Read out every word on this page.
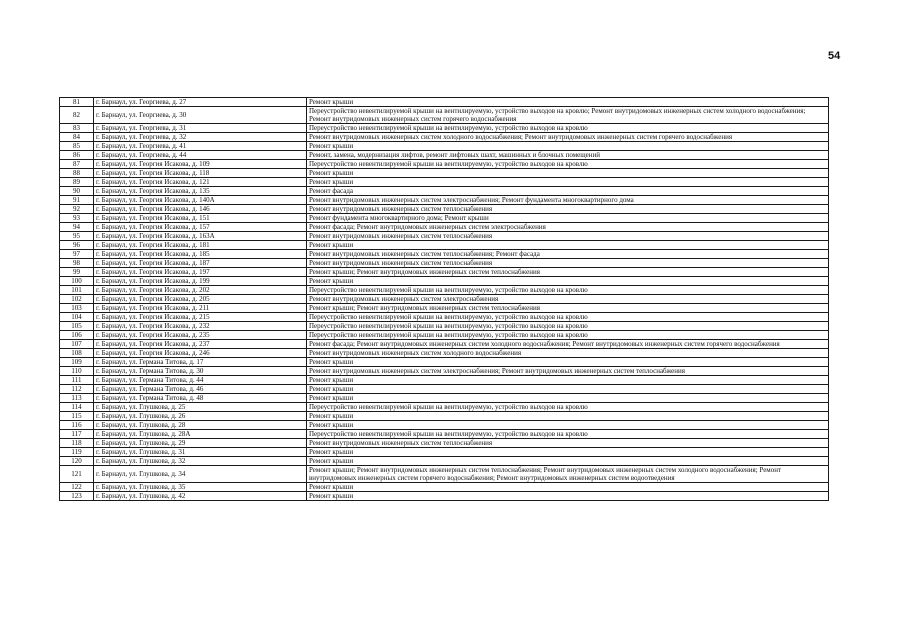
54
81	г. Барнаул, ул. Георгиева, д. 27	Ремонт крыши
82	г. Барнаул, ул. Георгиева, д. 30	Переустройство невентилируемой крыши на вентилируемую, устройство выходов на кровлю; Ремонт внутридомовых инженерных систем холодного водоснабжения; Ремонт внутридомовых инженерных систем горячего водоснабжения
83	г. Барнаул, ул. Георгиева, д. 31	Переустройство невентилируемой крыши на вентилируемую, устройство выходов на кровлю
84	г. Барнаул, ул. Георгиева, д. 32	Ремонт внутридомовых инженерных систем холодного водоснабжения; Ремонт внутридомовых инженерных систем горячего водоснабжения
85	г. Барнаул, ул. Георгиева, д. 41	Ремонт крыши
86	г. Барнаул, ул. Георгиева, д. 44	Ремонт, замена, модернизация лифтов, ремонт лифтовых шахт, машинных и блочных помещений
87	г. Барнаул, ул. Георгия Исакова, д. 109	Переустройство невентилируемой крыши на вентилируемую, устройство выходов на кровлю
88	г. Барнаул, ул. Георгия Исакова, д. 118	Ремонт крыши
89	г. Барнаул, ул. Георгия Исакова, д. 121	Ремонт крыши
90	г. Барнаул, ул. Георгия Исакова, д. 135	Ремонт фасада
91	г. Барнаул, ул. Георгия Исакова, д. 140А	Ремонт внутридомовых инженерных систем электроснабжения; Ремонт фундамента многоквартирного дома
92	г. Барнаул, ул. Георгия Исакова, д. 146	Ремонт внутридомовых инженерных систем теплоснабжения
93	г. Барнаул, ул. Георгия Исакова, д. 151	Ремонт фундамента многоквартирного дома; Ремонт крыши
94	г. Барнаул, ул. Георгия Исакова, д. 157	Ремонт фасада; Ремонт внутридомовых инженерных систем электроснабжения
95	г. Барнаул, ул. Георгия Исакова, д. 163А	Ремонт внутридомовых инженерных систем теплоснабжения
96	г. Барнаул, ул. Георгия Исакова, д. 181	Ремонт крыши
97	г. Барнаул, ул. Георгия Исакова, д. 185	Ремонт внутридомовых инженерных систем теплоснабжения; Ремонт фасада
98	г. Барнаул, ул. Георгия Исакова, д. 187	Ремонт внутридомовых инженерных систем теплоснабжения
99	г. Барнаул, ул. Георгия Исакова, д. 197	Ремонт крыши; Ремонт внутридомовых инженерных систем теплоснабжения
100	г. Барнаул, ул. Георгия Исакова, д. 199	Ремонт крыши
101	г. Барнаул, ул. Георгия Исакова, д. 202	Переустройство невентилируемой крыши на вентилируемую, устройство выходов на кровлю
102	г. Барнаул, ул. Георгия Исакова, д. 205	Ремонт внутридомовых инженерных систем электроснабжения
103	г. Барнаул, ул. Георгия Исакова, д. 211	Ремонт крыши; Ремонт внутридомовых инженерных систем теплоснабжения
104	г. Барнаул, ул. Георгия Исакова, д. 215	Переустройство невентилируемой крыши на вентилируемую, устройство выходов на кровлю
105	г. Барнаул, ул. Георгия Исакова, д. 232	Переустройство невентилируемой крыши на вентилируемую, устройство выходов на кровлю
106	г. Барнаул, ул. Георгия Исакова, д. 235	Переустройство невентилируемой крыши на вентилируемую, устройство выходов на кровлю
107	г. Барнаул, ул. Георгия Исакова, д. 237	Ремонт фасада; Ремонт внутридомовых инженерных систем холодного водоснабжения; Ремонт внутридомовых инженерных систем горячего водоснабжения
108	г. Барнаул, ул. Георгия Исакова, д. 246	Ремонт внутридомовых инженерных систем холодного водоснабжения
109	г. Барнаул, ул. Германа Титова, д. 17	Ремонт крыши
110	г. Барнаул, ул. Германа Титова, д. 30	Ремонт внутридомовых инженерных систем электроснабжения; Ремонт внутридомовых инженерных систем теплоснабжения
111	г. Барнаул, ул. Германа Титова, д. 44	Ремонт крыши
112	г. Барнаул, ул. Германа Титова, д. 46	Ремонт крыши
113	г. Барнаул, ул. Германа Титова, д. 48	Ремонт крыши
114	г. Барнаул, ул. Глушкова, д. 25	Переустройство невентилируемой крыши на вентилируемую, устройство выходов на кровлю
115	г. Барнаул, ул. Глушкова, д. 26	Ремонт крыши
116	г. Барнаул, ул. Глушкова, д. 28	Ремонт крыши
117	г. Барнаул, ул. Глушкова, д. 28А	Переустройство невентилируемой крыши на вентилируемую, устройство выходов на кровлю
118	г. Барнаул, ул. Глушкова, д. 29	Ремонт внутридомовых инженерных систем теплоснабжения
119	г. Барнаул, ул. Глушкова, д. 31	Ремонт крыши
120	г. Барнаул, ул. Глушкова, д. 32	Ремонт крыши
121	г. Барнаул, ул. Глушкова, д. 34	Ремонт крыши; Ремонт внутридомовых инженерных систем теплоснабжения; Ремонт внутридомовых инженерных систем холодного водоснабжения; Ремонт внутридомовых инженерных систем горячего водоснабжения; Ремонт внутридомовых инженерных систем водоотведения
122	г. Барнаул, ул. Глушкова, д. 35	Ремонт крыши
123	г. Барнаул, ул. Глушкова, д. 42	Ремонт крыши
